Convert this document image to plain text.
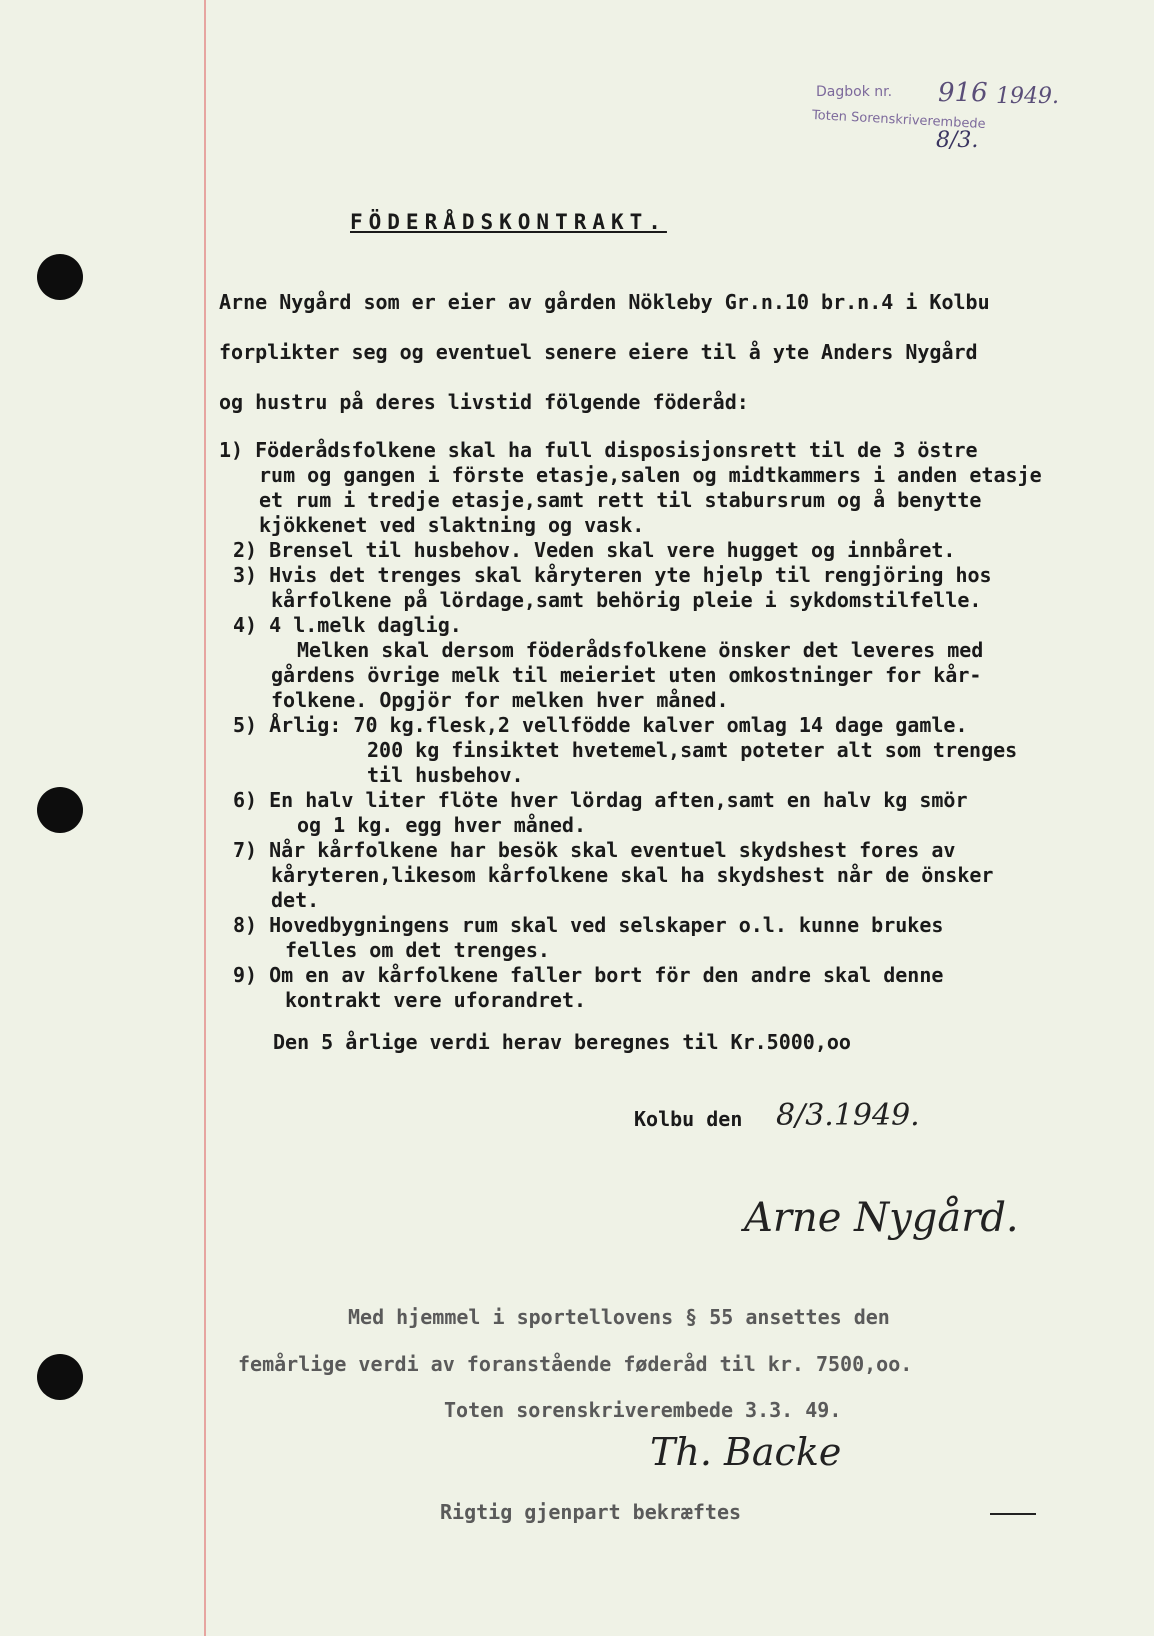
Dagbok nr. 916 1949.
Toten Sorenskriverembede
8/3.
FÖDERÅDSKONTRAKT.
Arne Nygård som er eier av gården Nökleby Gr.n.10 br.n.4 i Kolbu
forplikter seg og eventuel senere eiere til å yte Anders Nygård
og hustru på deres livstid fölgende föderåd:
1) Föderådsfolkene skal ha full disposisjonsrett til de 3 östre
rum og gangen i förste etasje,salen og midtkammers i anden etasje
et rum i tredje etasje,samt rett til stabursrum og å benytte
kjökkenet ved slaktning og vask.
2) Brensel til husbehov. Veden skal vere hugget og innbåret.
3) Hvis det trenges skal kåryteren yte hjelp til rengjöring hos
kårfolkene på lördage,samt behörig pleie i sykdomstilfelle.
4) 4 l.melk daglig.
Melken skal dersom föderådsfolkene önsker det leveres med
gårdens övrige melk til meieriet uten omkostninger for kår-
folkene. Opgjör for melken hver måned.
5) Årlig: 70 kg.flesk,2 vellfödde kalver omlag 14 dage gamle.
200 kg finsiktet hvetemel,samt poteter alt som trenges
til husbehov.
6) En halv liter flöte hver lördag aften,samt en halv kg smör
og 1 kg. egg hver måned.
7) Når kårfolkene har besök skal eventuel skydshest fores av
kåryteren,likesom kårfolkene skal ha skydshest når de önsker
det.
8) Hovedbygningens rum skal ved selskaper o.l. kunne brukes
felles om det trenges.
9) Om en av kårfolkene faller bort för den andre skal denne
kontrakt vere uforandret.
Den 5 årlige verdi herav beregnes til Kr.5000,oo
Kolbu den 8/3.1949.
Arne Nygård.
Med hjemmel i sportellovens § 55 ansettes den
femårlige verdi av foranstående føderåd til kr. 7500,oo.
Toten sorenskriverembede 3.3. 49.
Th. Backe
Rigtig gjenpart bekræftes
